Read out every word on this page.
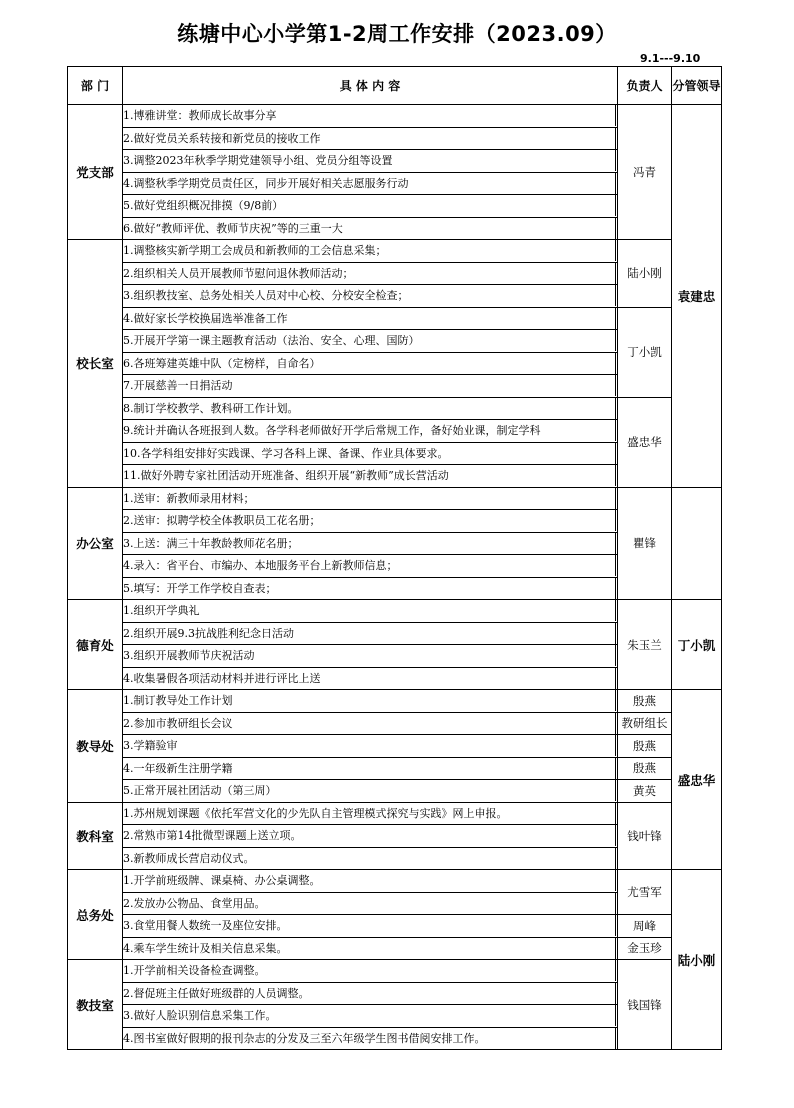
练塘中心小学第1-2周工作安排（2023.09）
9.1---9.10
部 门	具 体 内 容	负责人	分管领导
党支部	1.博雅讲堂：教师成长故事分享	冯青	袁建忠

	2.做好党员关系转接和新党员的接收工作		

	3.调整2023年秋季学期党建领导小组、党员分组等设置		

	4.调整秋季学期党员责任区，同步开展好相关志愿服务行动		

	5.做好党组织概况排摸（9/8前）		

	6.做好“教师评优、教师节庆祝”等的三重一大		

校长室	1.调整核实新学期工会成员和新教师的工会信息采集；	陆小刚	

	2.组织相关人员开展教师节慰问退休教师活动；		

	3.组织教技室、总务处相关人员对中心校、分校安全检查；		

	4.做好家长学校换届选举准备工作	丁小凯	

	5.开展开学第一课主题教育活动（法治、安全、心理、国防）		

	6.各班筹建英雄中队（定榜样，自命名）		

	7.开展慈善一日捐活动		

	8.制订学校教学、教科研工作计划。	盛忠华	

	9.统计并确认各班报到人数。各学科老师做好开学后常规工作，备好始业课，制定学科		

	10.各学科组安排好实践课、学习各科上课、备课、作业具体要求。		

	11.做好外聘专家社团活动开班准备、组织开展“新教师”成长营活动		

办公室	1.送审：新教师录用材料；	瞿锋	

	2.送审：拟聘学校全体教职员工花名册；		

	3.上送：满三十年教龄教师花名册；		

	4.录入：省平台、市编办、本地服务平台上新教师信息；		

	5.填写：开学工作学校自查表；		

德育处	1.组织开学典礼	朱玉兰	丁小凯

	2.组织开展9.3抗战胜利纪念日活动		

	3.组织开展教师节庆祝活动		

	4.收集暑假各项活动材料并进行评比上送		

教导处	1.制订教导处工作计划	殷燕	盛忠华

	2.参加市教研组长会议	教研组长	

	3.学籍验审	殷燕	

	4.一年级新生注册学籍	殷燕	

	5.正常开展社团活动（第三周）	黄英	
教科室	1.苏州规划课题《依托军营文化的少先队自主管理模式探究与实践》网上申报。	钱叶锋	

	2.常熟市第14批微型课题上送立项。		

	3.新教师成长营启动仪式。		

总务处	1.开学前班级牌、课桌椅、办公桌调整。	尤雪军	陆小刚

	2.发放办公物品、食堂用品。		

	3.食堂用餐人数统一及座位安排。	周峰	

	4.乘车学生统计及相关信息采集。	金玉珍	
教技室	1.开学前相关设备检查调整。	钱国锋	

	2.督促班主任做好班级群的人员调整。		

	3.做好人脸识别信息采集工作。		

	4.图书室做好假期的报刊杂志的分发及三至六年级学生图书借阅安排工作。		
